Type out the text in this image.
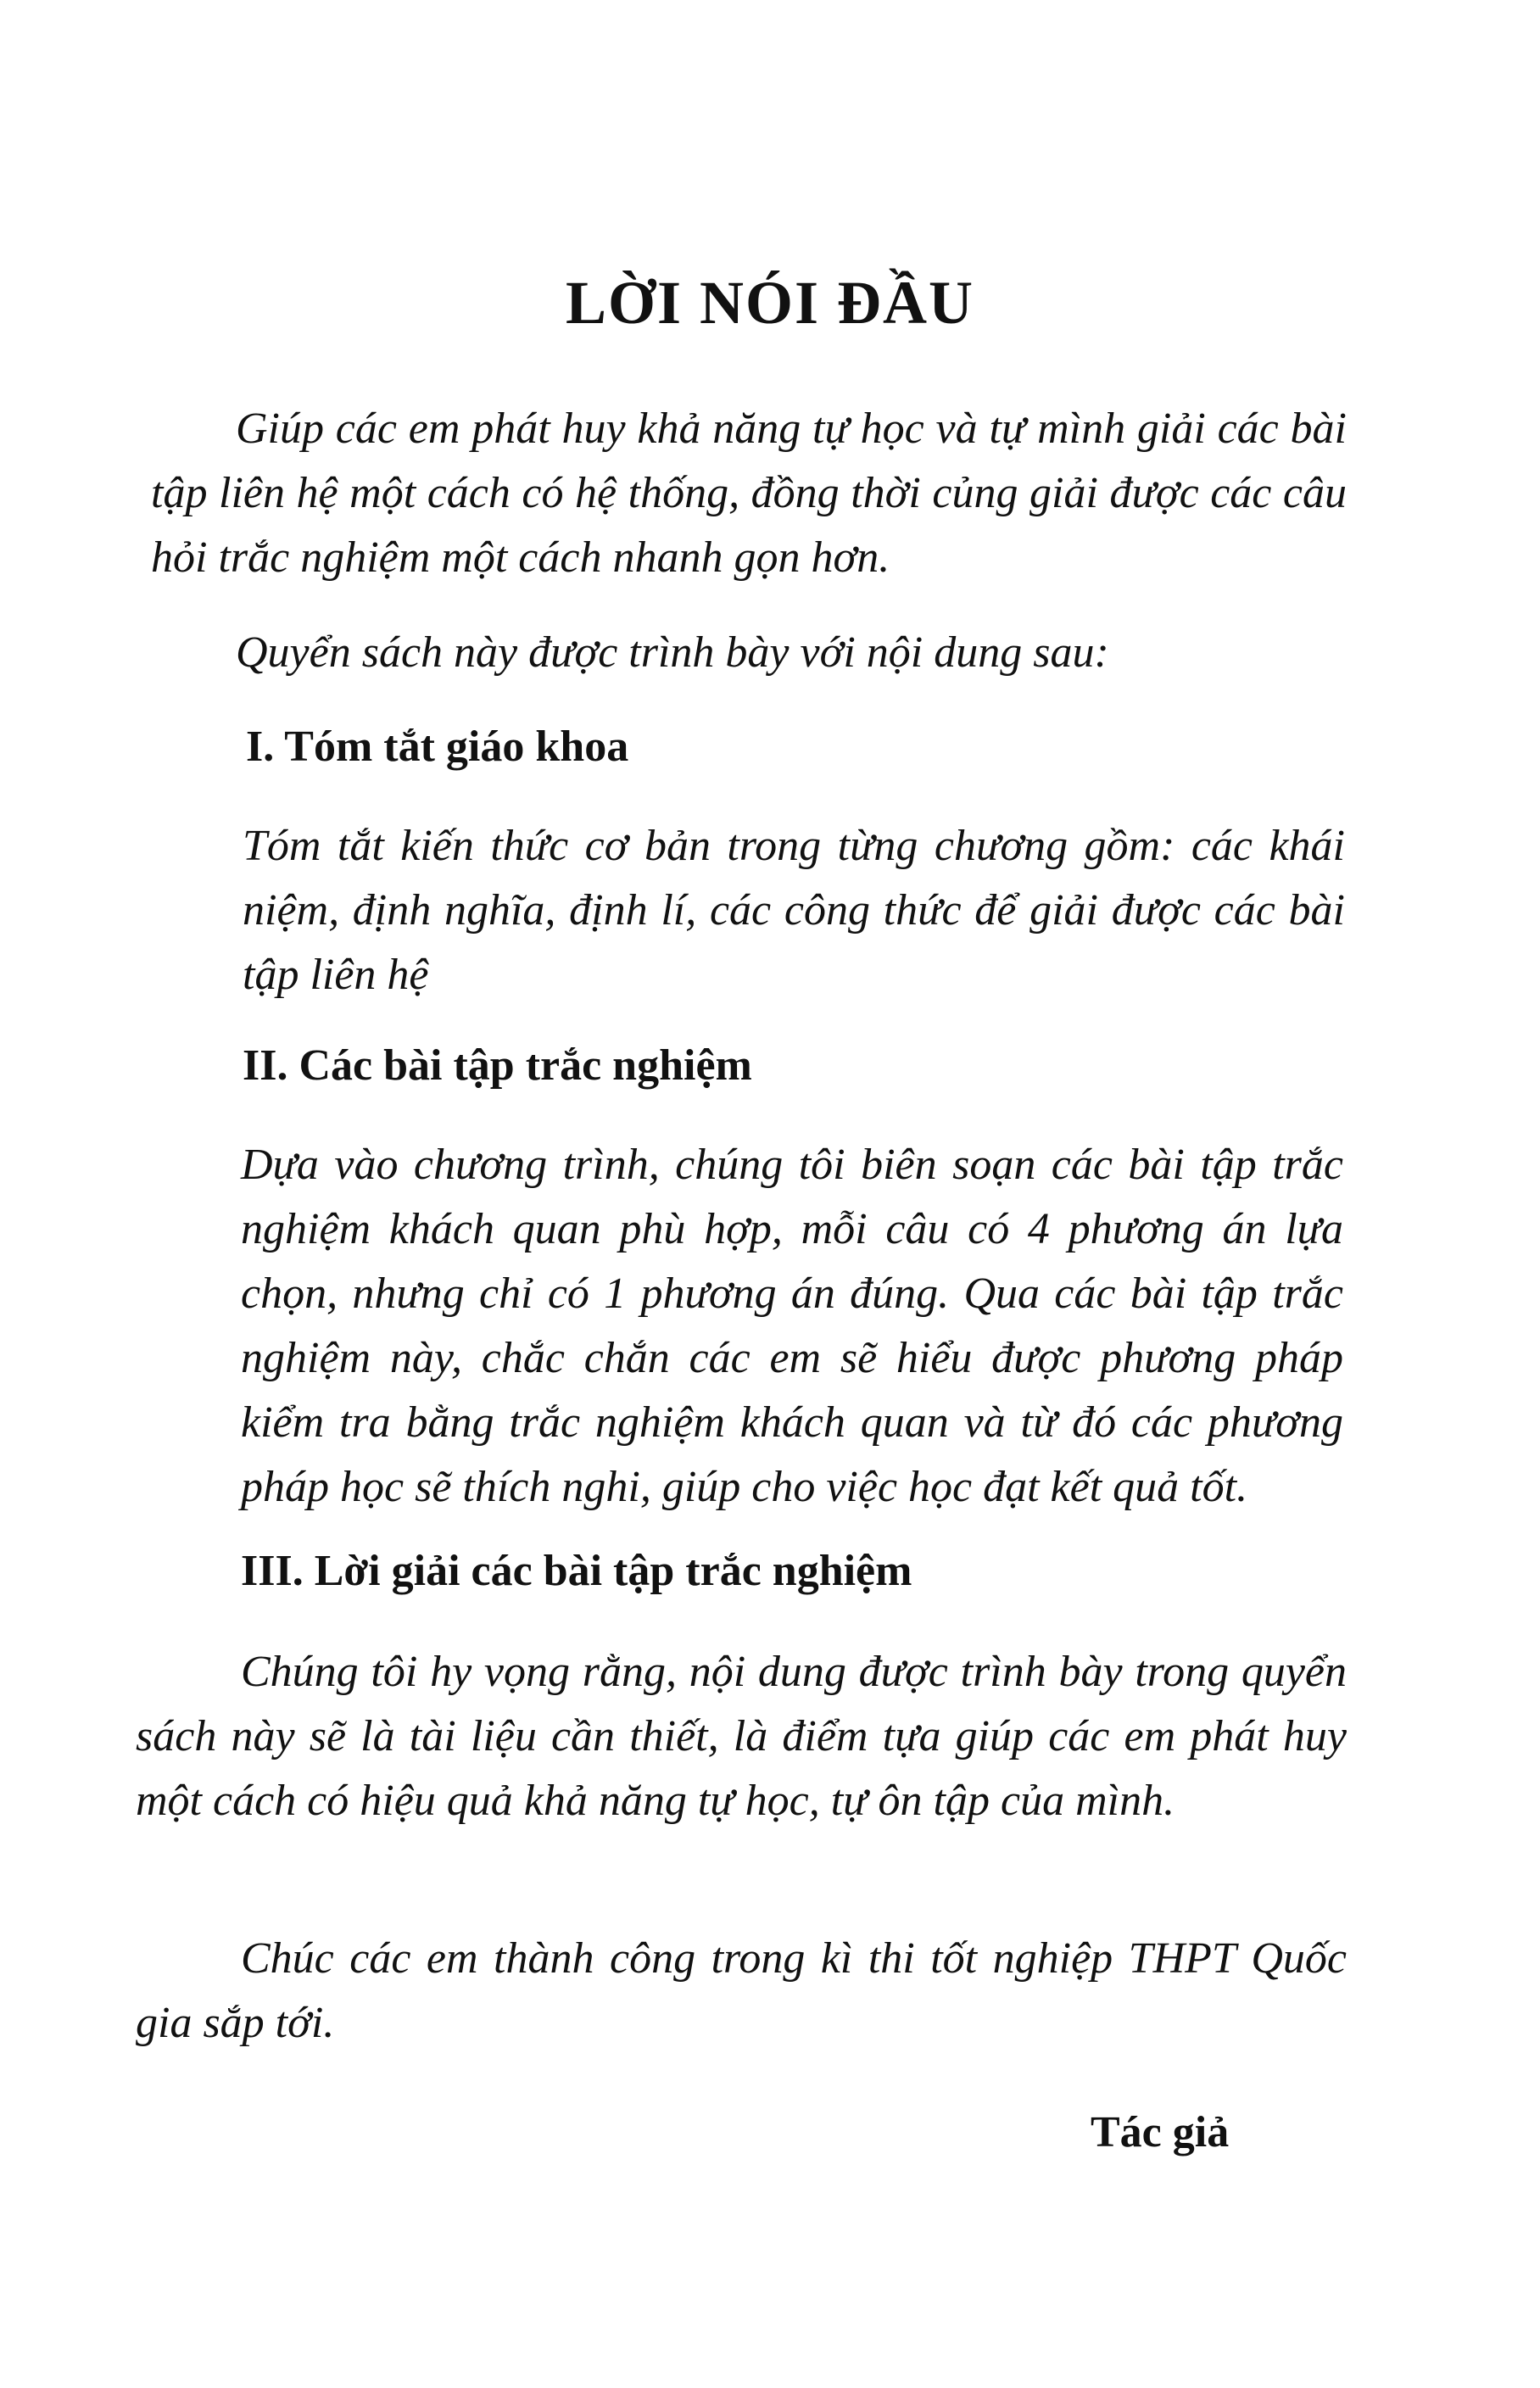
LỜI NÓI ĐẦU

Giúp các em phát huy khả năng tự học và tự mình giải các bài tập liên hệ một cách có hệ thống, đồng thời củng giải được các câu hỏi trắc nghiệm một cách nhanh gọn hơn.

Quyển sách này được trình bày với nội dung sau:

I. Tóm tắt giáo khoa

Tóm tắt kiến thức cơ bản trong từng chương gồm: các khái niệm, định nghĩa, định lí, các công thức để giải được các bài tập liên hệ

II. Các bài tập trắc nghiệm

Dựa vào chương trình, chúng tôi biên soạn các bài tập trắc nghiệm khách quan phù hợp, mỗi câu có 4 phương án lựa chọn, nhưng chỉ có 1 phương án đúng. Qua các bài tập trắc nghiệm này, chắc chắn các em sẽ hiểu được phương pháp kiểm tra bằng trắc nghiệm khách quan và từ đó các phương pháp học sẽ thích nghi, giúp cho việc học đạt kết quả tốt.

III. Lời giải các bài tập trắc nghiệm

Chúng tôi hy vọng rằng, nội dung được trình bày trong quyển sách này sẽ là tài liệu cần thiết, là điểm tựa giúp các em phát huy một cách có hiệu quả khả năng tự học, tự ôn tập của mình.

Chúc các em thành công trong kì thi tốt nghiệp THPT Quốc gia sắp tới.

Tác giả
